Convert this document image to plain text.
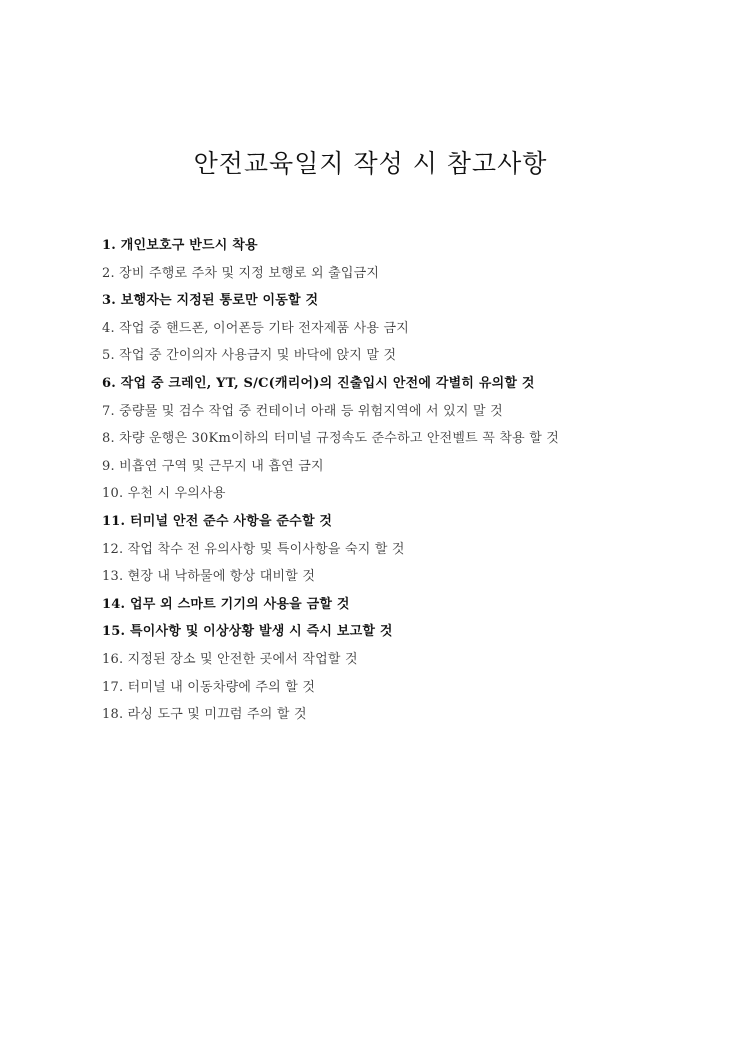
안전교육일지 작성 시 참고사항
1. 개인보호구 반드시 착용
2. 장비 주행로 주차 및 지정 보행로 외 출입금지
3. 보행자는 지정된 통로만 이동할 것
4. 작업 중 핸드폰, 이어폰등 기타 전자제품 사용 금지
5. 작업 중 간이의자 사용금지 및 바닥에 앉지 말 것
6. 작업 중 크레인, YT, S/C(캐리어)의 진출입시 안전에 각별히 유의할 것
7. 중량물 및 검수 작업 중 컨테이너 아래 등 위험지역에 서 있지 말 것
8. 차량 운행은 30Km이하의 터미널 규정속도 준수하고 안전벨트 꼭 착용 할 것
9. 비흡연 구역 및 근무지 내 흡연 금지
10. 우천 시 우의사용
11. 터미널 안전 준수 사항을 준수할 것
12. 작업 착수 전 유의사항 및 특이사항을 숙지 할 것
13. 현장 내 낙하물에 항상 대비할 것
14. 업무 외 스마트 기기의 사용을 금할 것
15. 특이사항 및 이상상황 발생 시 즉시 보고할 것
16. 지정된 장소 및 안전한 곳에서 작업할 것
17. 터미널 내 이동차량에 주의 할 것
18. 라싱 도구 및 미끄럼 주의 할 것
